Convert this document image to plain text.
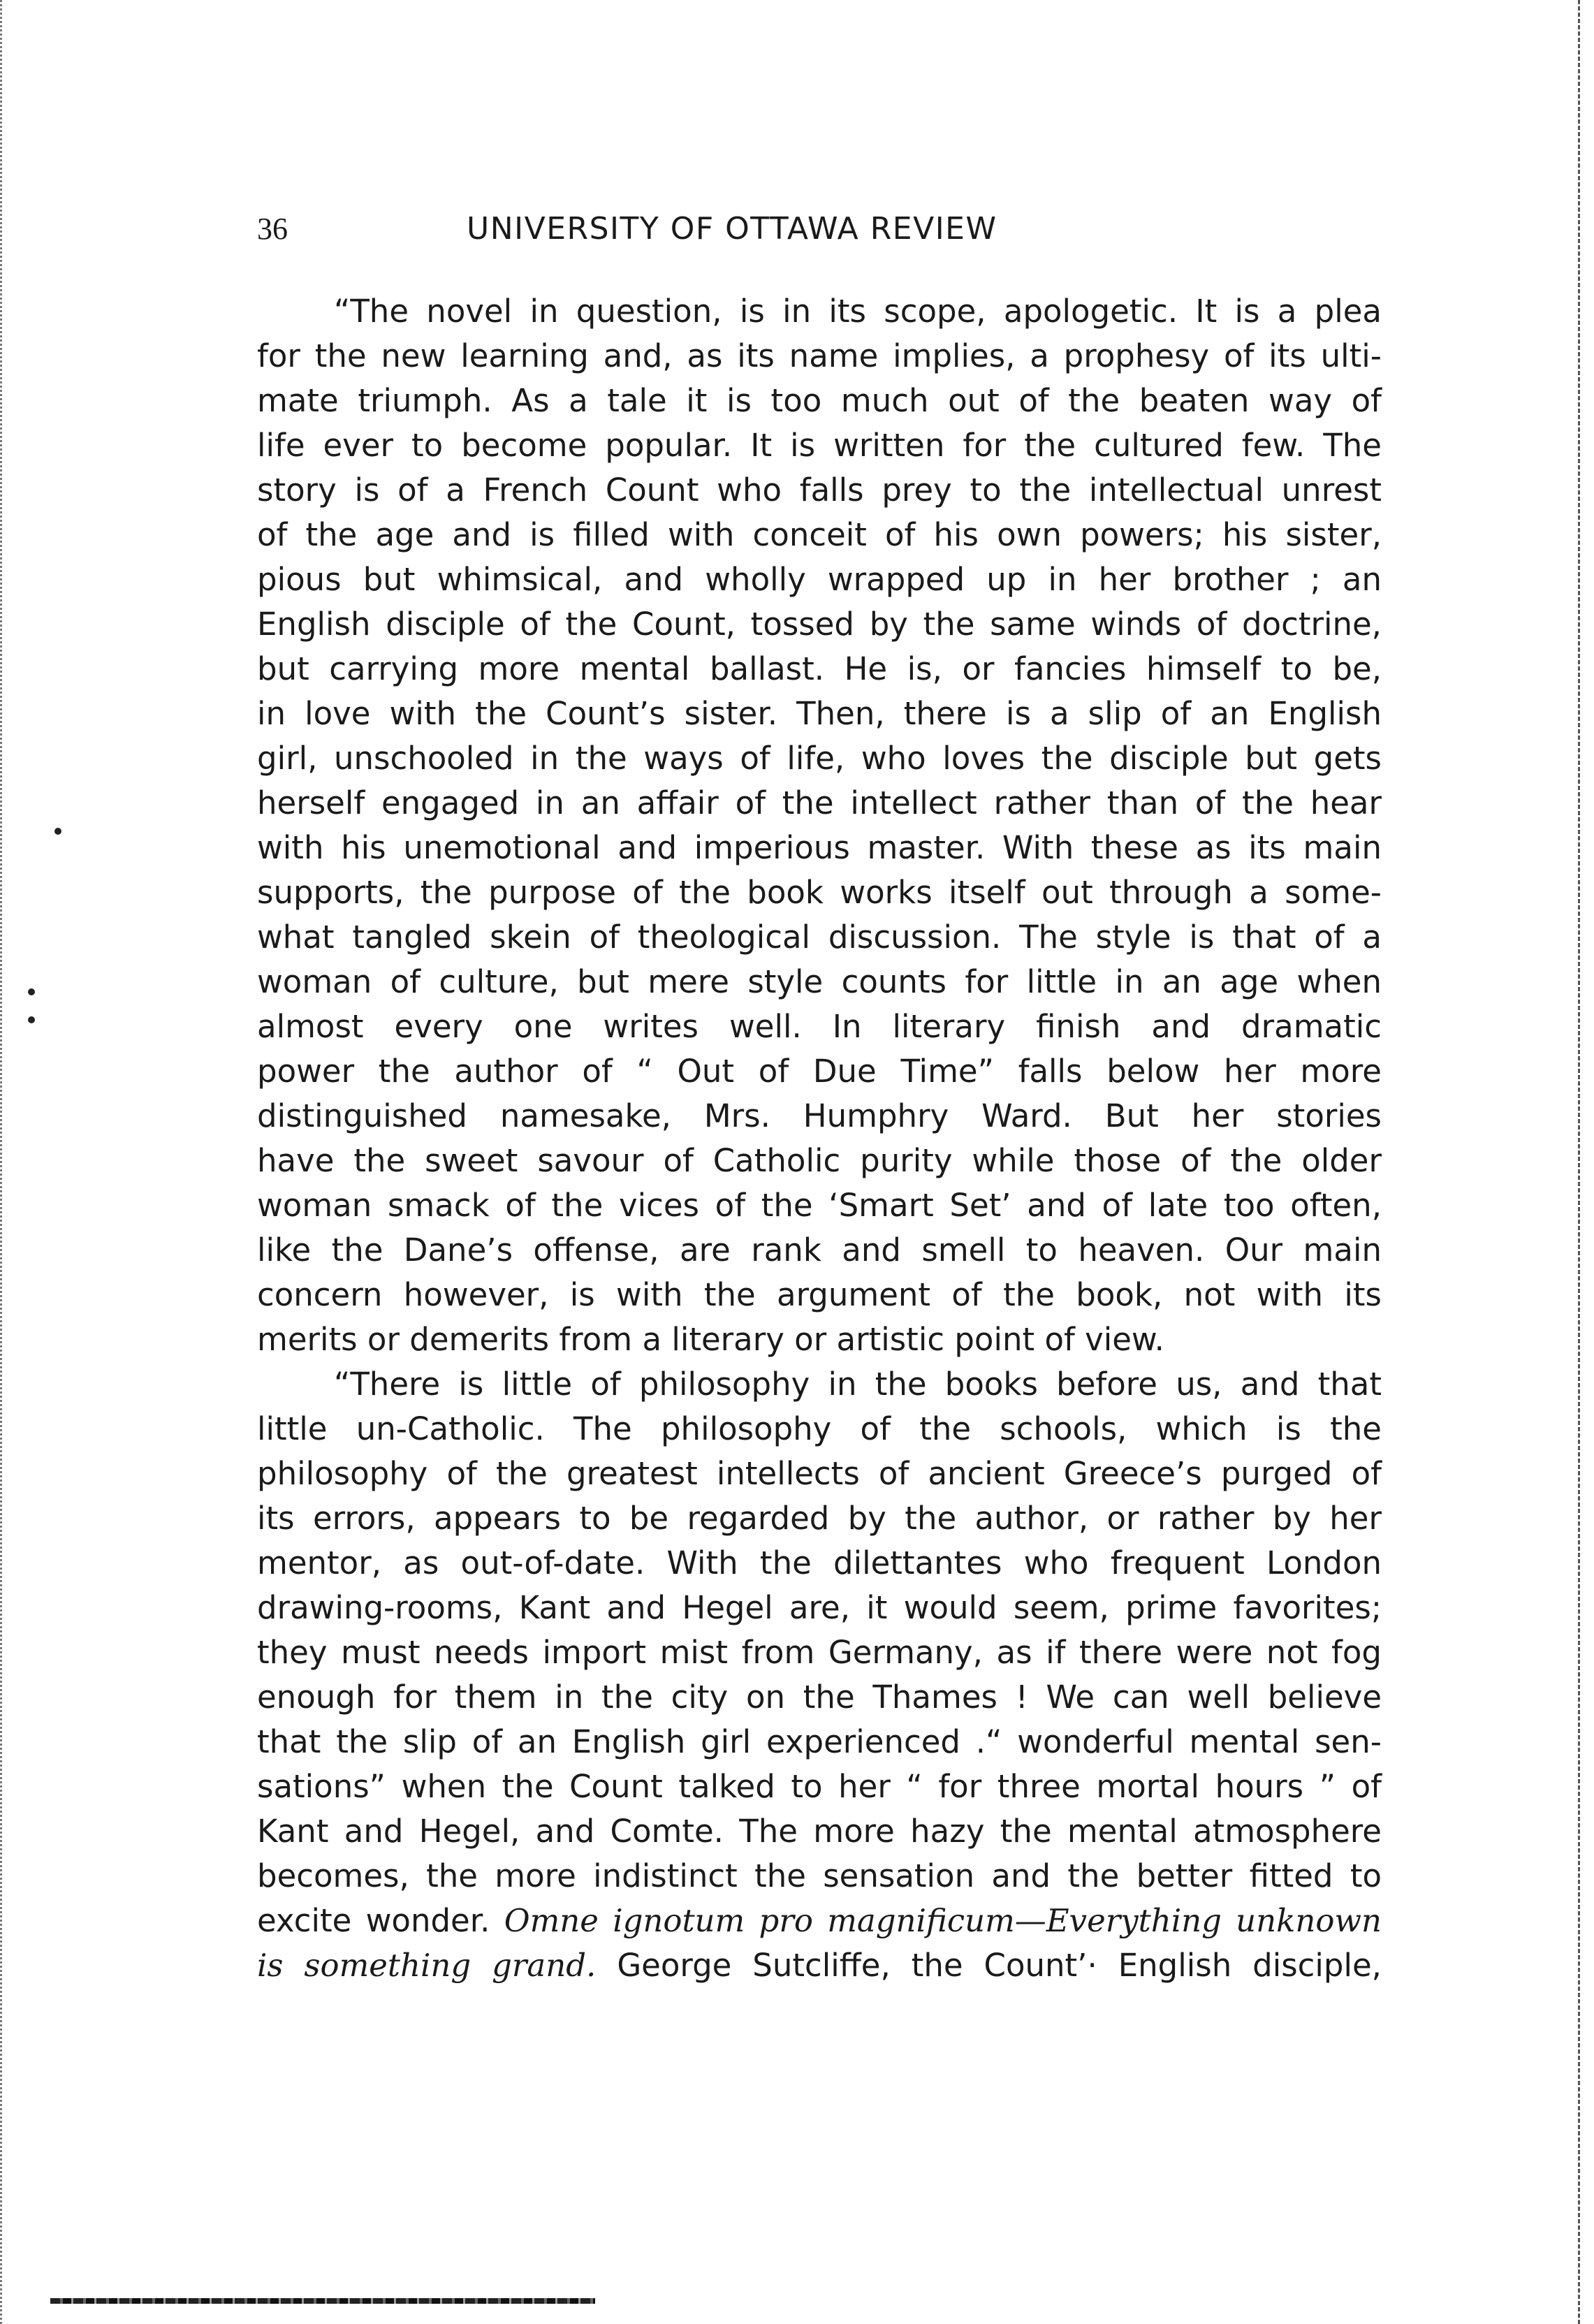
36	UNIVERSITY OF OTTAWA REVIEW
“The novel in question, is in its scope, apologetic. It is a plea
for the new learning and, as its name implies, a prophesy of its ulti-
mate triumph. As a tale it is too much out of the beaten way of
life ever to become popular. It is written for the cultured few. The
story is of a French Count who falls prey to the intellectual unrest
of the age and is filled with conceit of his own powers; his sister,
pious but whimsical, and wholly wrapped up in her brother ; an
English disciple of the Count, tossed by the same winds of doctrine,
but carrying more mental ballast. He is, or fancies himself to be,
in love with the Count’s sister. Then, there is a slip of an English
girl, unschooled in the ways of life, who loves the disciple but gets
herself engaged in an affair of the intellect rather than of the hear
with his unemotional and imperious master. With these as its main
supports, the purpose of the book works itself out through a some-
what tangled skein of theological discussion. The style is that of a
woman of culture, but mere style counts for little in an age when
almost every one writes well. In literary finish and dramatic
power the author of “ Out of Due Time” falls below her more
distinguished namesake, Mrs. Humphry Ward. But her stories
have the sweet savour of Catholic purity while those of the older
woman smack of the vices of the ‘Smart Set’ and of late too often,
like the Dane’s offense, are rank and smell to heaven. Our main
concern however, is with the argument of the book, not with its
merits or demerits from a literary or artistic point of view.
“There is little of philosophy in the books before us, and that
little un-Catholic. The philosophy of the schools, which is the
philosophy of the greatest intellects of ancient Greece’s purged of
its errors, appears to be regarded by the author, or rather by her
mentor, as out-of-date. With the dilettantes who frequent London
drawing-rooms, Kant and Hegel are, it would seem, prime favorites;
they must needs import mist from Germany, as if there were not fog
enough for them in the city on the Thames ! We can well believe
that the slip of an English girl experienced .“ wonderful mental sen-
sations” when the Count talked to her “ for three mortal hours ” of
Kant and Hegel, and Comte. The more hazy the mental atmosphere
becomes, the more indistinct the sensation and the better fitted to
excite wonder. Omne ignotum pro magnificum—Everything unknown
is something grand. George Sutcliffe, the Count’· English disciple,
